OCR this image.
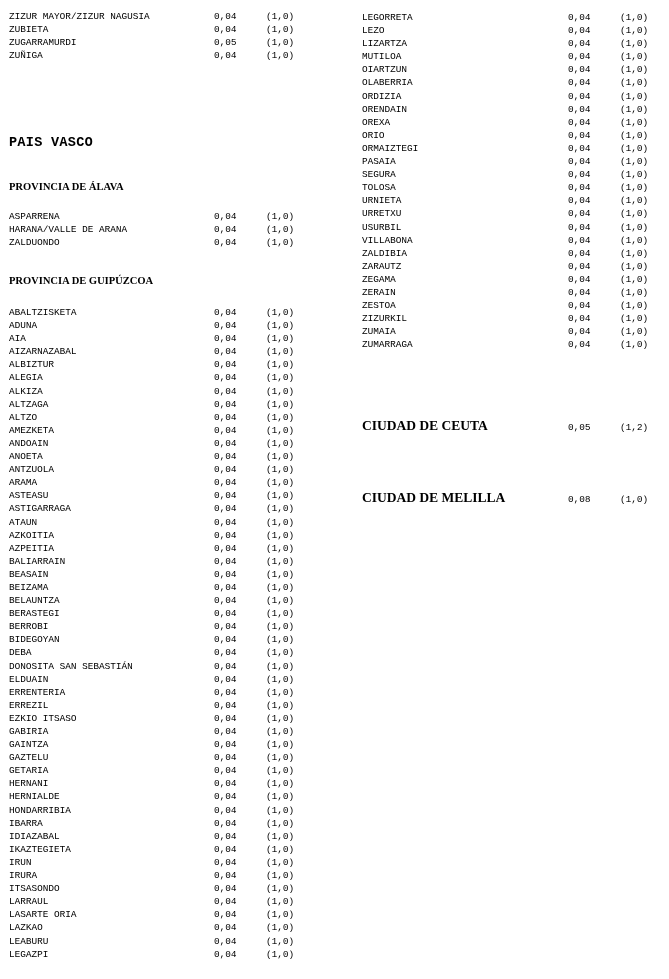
ZIZUR MAYOR/ZIZUR NAGUSIA	0,04	(1,0)
ZUBIETA	0,04	(1,0)
ZUGARRAMURDI	0,05	(1,0)
ZUÑIGA	0,04	(1,0)
PAIS VASCO
PROVINCIA DE ÁLAVA
ASPARRENA	0,04	(1,0)
HARANA/VALLE DE ARANA	0,04	(1,0)
ZALDUONDO	0,04	(1,0)
PROVINCIA DE GUIPÚZCOA
ABALTZISKETA	0,04	(1,0)
ADUNA	0,04	(1,0)
AIA	0,04	(1,0)
AIZARNAZABAL	0,04	(1,0)
ALBIZTUR	0,04	(1,0)
ALEGIA	0,04	(1,0)
ALKIZA	0,04	(1,0)
ALTZAGA	0,04	(1,0)
ALTZO	0,04	(1,0)
AMEZKETA	0,04	(1,0)
ANDOAIN	0,04	(1,0)
ANOETA	0,04	(1,0)
ANTZUOLA	0,04	(1,0)
ARAMA	0,04	(1,0)
ASTEASU	0,04	(1,0)
ASTIGARRAGA	0,04	(1,0)
ATAUN	0,04	(1,0)
AZKOITIA	0,04	(1,0)
AZPEITIA	0,04	(1,0)
BALIARRAIN	0,04	(1,0)
BEASAIN	0,04	(1,0)
BEIZAMA	0,04	(1,0)
BELAUNTZA	0,04	(1,0)
BERASTEGI	0,04	(1,0)
BERROBI	0,04	(1,0)
BIDEGOYAN	0,04	(1,0)
DEBA	0,04	(1,0)
DONOSITA SAN SEBASTIÁN	0,04	(1,0)
ELDUAIN	0,04	(1,0)
ERRENTERIA	0,04	(1,0)
ERREZIL	0,04	(1,0)
EZKIO ITSASO	0,04	(1,0)
GABIRIA	0,04	(1,0)
GAINTZA	0,04	(1,0)
GAZTELU	0,04	(1,0)
GETARIA	0,04	(1,0)
HERNANI	0,04	(1,0)
HERNIALDE	0,04	(1,0)
HONDARRIBIA	0,04	(1,0)
IBARRA	0,04	(1,0)
IDIAZABAL	0,04	(1,0)
IKAZTEGIETA	0,04	(1,0)
IRUN	0,04	(1,0)
IRURA	0,04	(1,0)
ITSASONDO	0,04	(1,0)
LARRAUL	0,04	(1,0)
LASARTE ORIA	0,04	(1,0)
LAZKAO	0,04	(1,0)
LEABURU	0,04	(1,0)
LEGAZPI	0,04	(1,0)
LEGORRETA	0,04	(1,0)
LEZO	0,04	(1,0)
LIZARTZA	0,04	(1,0)
MUTILOA	0,04	(1,0)
OIARTZUN	0,04	(1,0)
OLABERRIA	0,04	(1,0)
ORDIZIA	0,04	(1,0)
ORENDAIN	0,04	(1,0)
OREXA	0,04	(1,0)
ORIO	0,04	(1,0)
ORMAIZTEGI	0,04	(1,0)
PASAIA	0,04	(1,0)
SEGURA	0,04	(1,0)
TOLOSA	0,04	(1,0)
URNIETA	0,04	(1,0)
URRETXU	0,04	(1,0)
USURBIL	0,04	(1,0)
VILLABONA	0,04	(1,0)
ZALDIBIA	0,04	(1,0)
ZARAUTZ	0,04	(1,0)
ZEGAMA	0,04	(1,0)
ZERAIN	0,04	(1,0)
ZESTOA	0,04	(1,0)
ZIZURKIL	0,04	(1,0)
ZUMAIA	0,04	(1,0)
ZUMARRAGA	0,04	(1,0)
CIUDAD DE CEUTA	0,05	(1,2)
CIUDAD DE MELILLA	0,08	(1,0)
